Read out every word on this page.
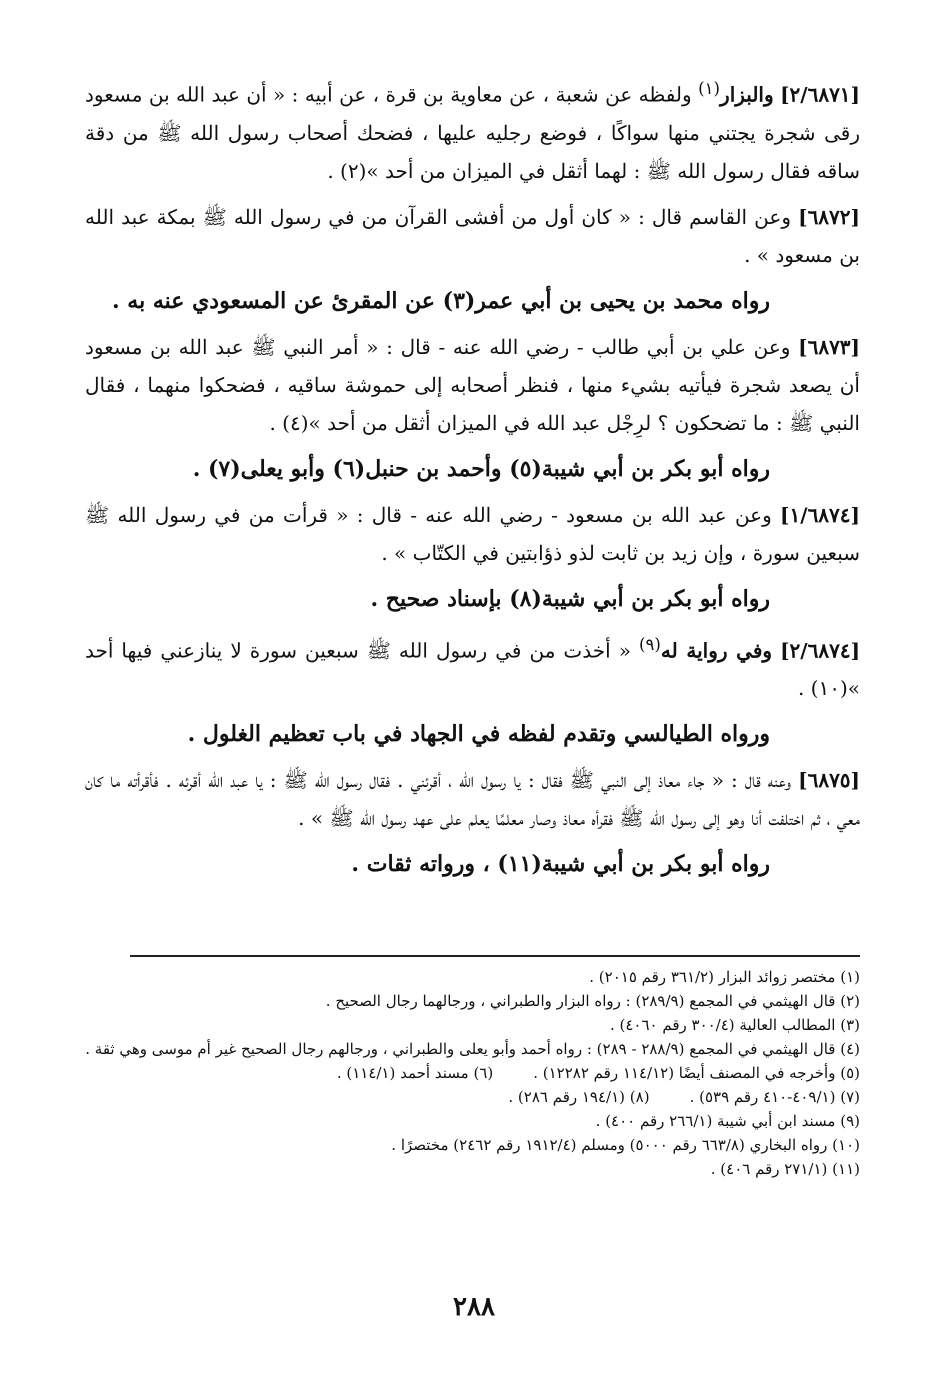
[٢/٦٨٧١] والبزار$^{(١)}$ ولفظه عن شعبة ، عن معاوية بن قرة ، عن أبيه : « أن عبد الله بن مسعود رقى شجرة يجتني منها سواكًا ، فوضع رجليه عليها ، فضحك أصحاب رسول الله ﷺ من دقة ساقه فقال رسول الله ﷺ : لهما أثقل في الميزان من أحد »(٢) .

[٦٨٧٢] وعن القاسم قال : « كان أول من أفشى القرآن من في رسول الله ﷺ بمكة عبد الله بن مسعود » .

رواه محمد بن يحيى بن أبي عمر(٣) عن المقرئ عن المسعودي عنه به .

[٦٨٧٣] وعن علي بن أبي طالب - رضي الله عنه - قال : « أمر النبي ﷺ عبد الله بن مسعود أن يصعد شجرة فيأتيه بشيء منها ، فنظر أصحابه إلى حموشة ساقيه ، فضحكوا منهما ، فقال النبي ﷺ : ما تضحكون ؟ لرِجْل عبد الله في الميزان أثقل من أحد »(٤) .

رواه أبو بكر بن أبي شيبة(٥) وأحمد بن حنبل(٦) وأبو يعلى(٧) .

[١/٦٨٧٤] وعن عبد الله بن مسعود - رضي الله عنه - قال : « قرأت من في رسول الله ﷺ سبعين سورة ، وإن زيد بن ثابت لذو ذؤابتين في الكتّاب » .

رواه أبو بكر بن أبي شيبة(٨) بإسناد صحيح .

[٢/٦٨٧٤] وفي رواية له$^{(٩)}$ « أخذت من في رسول الله ﷺ سبعين سورة لا ينازعني فيها أحد »(١٠) .

ورواه الطيالسي وتقدم لفظه في الجهاد في باب تعظيم الغلول .

[٦٨٧٥] وعنه قال : « جاء معاذ إلى النبي ﷺ فقال : يا رسول الله ، أقرئني . فقال رسول الله ﷺ : يا عبد الله أقرئه . فأقرأته ما كان معي ، ثم اختلفت أنا وهو إلى رسول الله ﷺ فقرأه معاذ وصار معلمًا يعلم على عهد رسول الله ﷺ » .

رواه أبو بكر بن أبي شيبة(١١) ، ورواته ثقات .

(١) مختصر زوائد البزار (٣٦١/٢ رقم ٢٠١٥) .

(٢) قال الهيثمي في المجمع (٢٨٩/٩) : رواه البزار والطبراني ، ورجالهما رجال الصحيح .

(٣) المطالب العالية (٣٠٠/٤ رقم ٤٠٦٠) .

(٤) قال الهيثمي في المجمع (٢٨٨/٩ - ٢٨٩) : رواه أحمد وأبو يعلى والطبراني ، ورجالهم رجال الصحيح غير أم موسى وهي ثقة .

(٥) وأخرجه في المصنف أيضًا (١١٤/١٢ رقم ١٢٢٨٢) .
(٦) مسند أحمد (١١٤/١) .
(٧) (٤٠٩/١-٤١٠ رقم ٥٣٩) .
(٨) (١٩٤/١ رقم ٢٨٦) .

(٩) مسند ابن أبي شيبة (٢٦٦/١ رقم ٤٠٠) .

(١٠) رواه البخاري (٦٦٣/٨ رقم ٥٠٠٠) ومسلم (١٩١٢/٤ رقم ٢٤٦٢) مختصرًا .

(١١) (٢٧١/١ رقم ٤٠٦) .

٢٨٨
